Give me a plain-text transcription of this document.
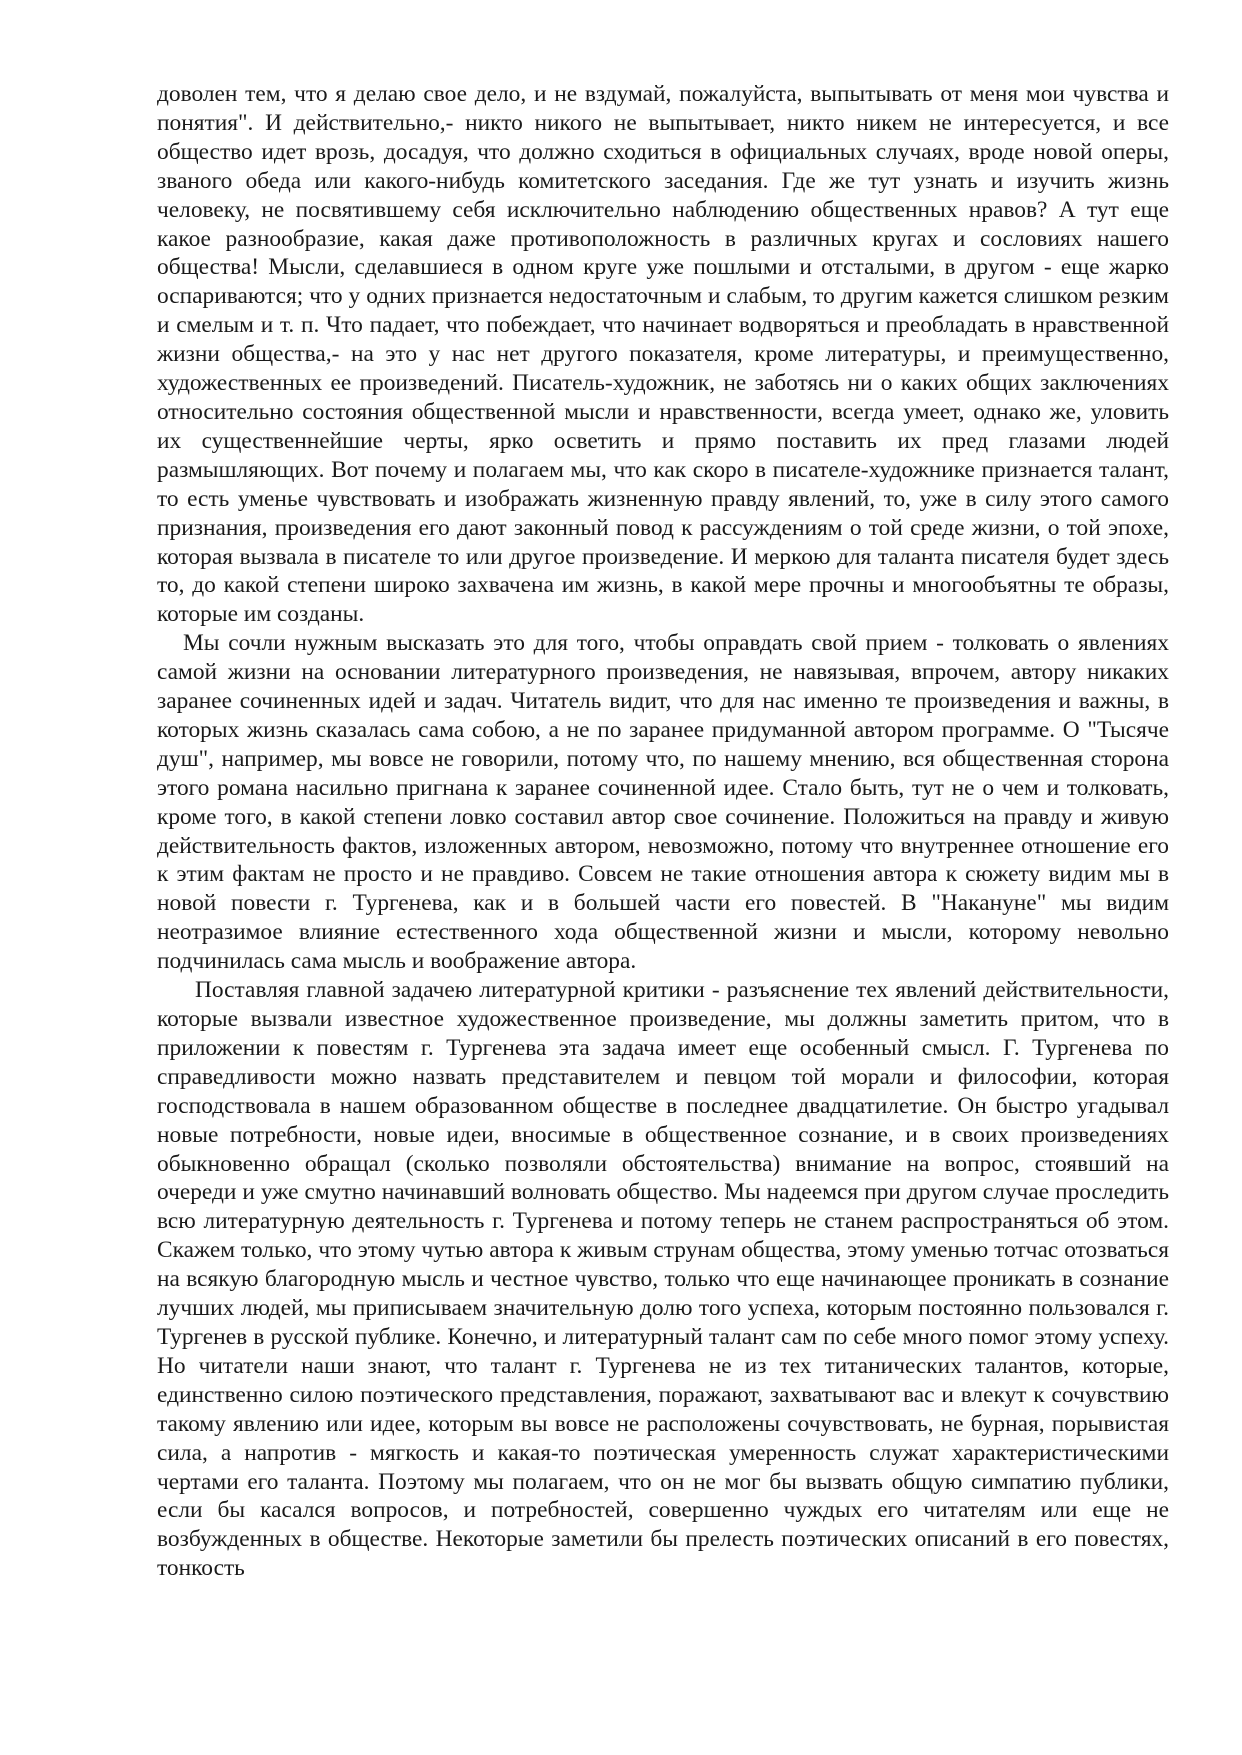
доволен тем, что я делаю свое дело, и не вздумай, пожалуйста, выпытывать от меня мои чувства и понятия". И действительно,- никто никого не выпытывает, никто никем не интересуется, и все общество идет врозь, досадуя, что должно сходиться в официальных случаях, вроде новой оперы, званого обеда или какого-нибудь комитетского заседания. Где же тут узнать и изучить жизнь человеку, не посвятившему себя исключительно наблюдению общественных нравов? А тут еще какое разнообразие, какая даже противоположность в различных кругах и сословиях нашего общества! Мысли, сделавшиеся в одном круге уже пошлыми и отсталыми, в другом - еще жарко оспариваются; что у одних признается недостаточным и слабым, то другим кажется слишком резким и смелым и т. п. Что падает, что побеждает, что начинает водворяться и преобладать в нравственной жизни общества,- на это у нас нет другого показателя, кроме литературы, и преимущественно, художественных ее произведений. Писатель-художник, не заботясь ни о каких общих заключениях относительно состояния общественной мысли и нравственности, всегда умеет, однако же, уловить их существеннейшие черты, ярко осветить и прямо поставить их пред глазами людей размышляющих. Вот почему и полагаем мы, что как скоро в писателе-художнике признается талант, то есть уменье чувствовать и изображать жизненную правду явлений, то, уже в силу этого самого признания, произведения его дают законный повод к рассуждениям о той среде жизни, о той эпохе, которая вызвала в писателе то или другое произведение. И меркою для таланта писателя будет здесь то, до какой степени широко захвачена им жизнь, в какой мере прочны и многообъятны те образы, которые им созданы.

Мы сочли нужным высказать это для того, чтобы оправдать свой прием - толковать о явлениях самой жизни на основании литературного произведения, не навязывая, впрочем, автору никаких заранее сочиненных идей и задач. Читатель видит, что для нас именно те произведения и важны, в которых жизнь сказалась сама собою, а не по заранее придуманной автором программе. О "Тысяче душ", например, мы вовсе не говорили, потому что, по нашему мнению, вся общественная сторона этого романа насильно пригнана к заранее сочиненной идее. Стало быть, тут не о чем и толковать, кроме того, в какой степени ловко составил автор свое сочинение. Положиться на правду и живую действительность фактов, изложенных автором, невозможно, потому что внутреннее отношение его к этим фактам не просто и не правдиво. Совсем не такие отношения автора к сюжету видим мы в новой повести г. Тургенева, как и в большей части его повестей. В "Накануне" мы видим неотразимое влияние естественного хода общественной жизни и мысли, которому невольно подчинилась сама мысль и воображение автора.

Поставляя главной задачею литературной критики - разъяснение тех явлений действительности, которые вызвали известное художественное произведение, мы должны заметить притом, что в приложении к повестям г. Тургенева эта задача имеет еще особенный смысл. Г. Тургенева по справедливости можно назвать представителем и певцом той морали и философии, которая господствовала в нашем образованном обществе в последнее двадцатилетие. Он быстро угадывал новые потребности, новые идеи, вносимые в общественное сознание, и в своих произведениях обыкновенно обращал (сколько позволяли обстоятельства) внимание на вопрос, стоявший на очереди и уже смутно начинавший волновать общество. Мы надеемся при другом случае проследить всю литературную деятельность г. Тургенева и потому теперь не станем распространяться об этом. Скажем только, что этому чутью автора к живым струнам общества, этому уменью тотчас отозваться на всякую благородную мысль и честное чувство, только что еще начинающее проникать в сознание лучших людей, мы приписываем значительную долю того успеха, которым постоянно пользовался г. Тургенев в русской публике. Конечно, и литературный талант сам по себе много помог этому успеху. Но читатели наши знают, что талант г. Тургенева не из тех титанических талантов, которые, единственно силою поэтического представления, поражают, захватывают вас и влекут к сочувствию такому явлению или идее, которым вы вовсе не расположены сочувствовать, не бурная, порывистая сила, а напротив - мягкость и какая-то поэтическая умеренность служат характеристическими чертами его таланта. Поэтому мы полагаем, что он не мог бы вызвать общую симпатию публики, если бы касался вопросов, и потребностей, совершенно чуждых его читателям или еще не возбужденных в обществе. Некоторые заметили бы прелесть поэтических описаний в его повестях, тонкость
